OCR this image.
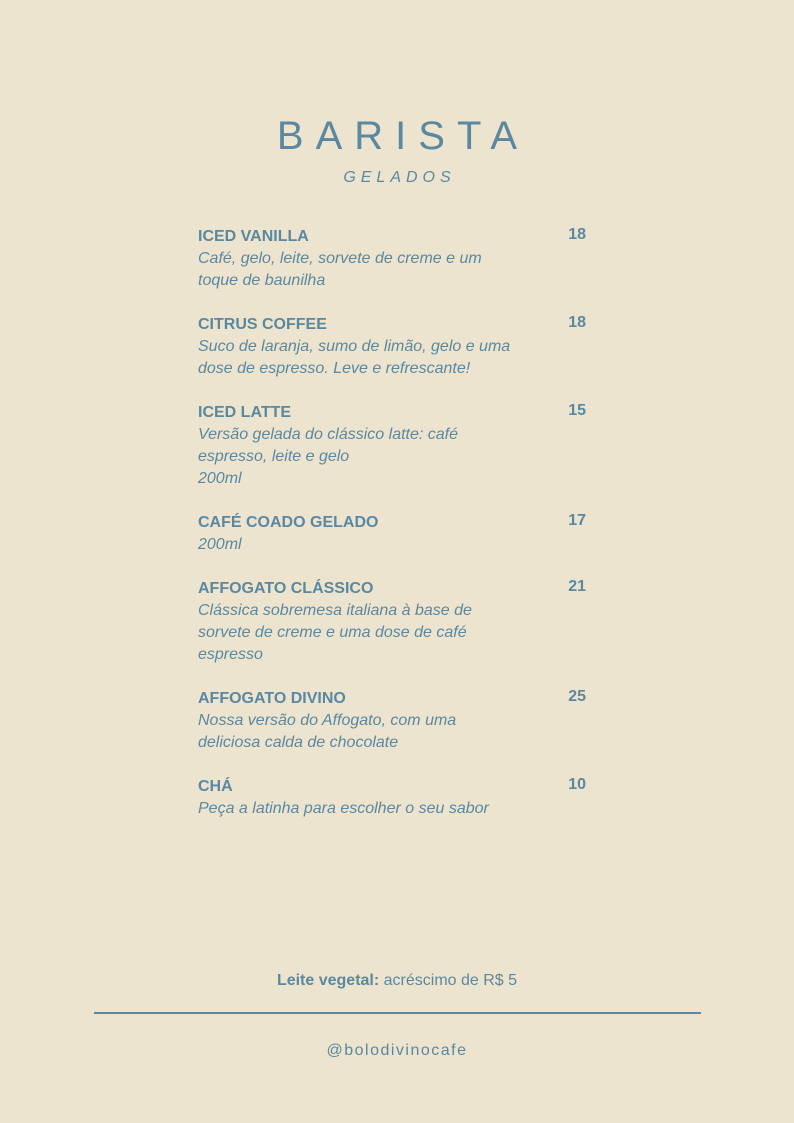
BARISTA
GELADOS
ICED VANILLA	18
Café, gelo, leite, sorvete de creme e um
toque de baunilha
CITRUS COFFEE	18
Suco de laranja, sumo de limão, gelo e uma
dose de espresso. Leve e refrescante!
ICED LATTE	15
Versão gelada do clássico latte: café
espresso, leite e gelo
200ml
CAFÉ COADO GELADO	17
200ml
AFFOGATO CLÁSSICO	21
Clássica sobremesa italiana à base de
sorvete de creme e uma dose de café
espresso
AFFOGATO DIVINO	25
Nossa versão do Affogato, com uma
deliciosa calda de chocolate
CHÁ	10
Peça a latinha para escolher o seu sabor
Leite vegetal: acréscimo de R$ 5
@bolodivinocafe
